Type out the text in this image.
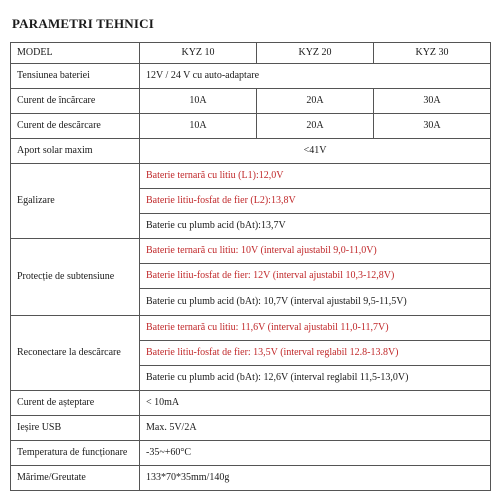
PARAMETRI TEHNICI
MODEL	KYZ 10	KYZ 20	KYZ 30
Tensiunea bateriei	12V / 24 V cu auto-adaptare		
Curent de încărcare	10A	20A	30A
Curent de descărcare	10A	20A	30A
Aport solar maxim	<41V		
Egalizare	Baterie ternară cu litiu (L1):12,0V		
	Baterie litiu-fosfat de fier (L2):13,8V		
	Baterie cu plumb acid (bAt):13,7V		
Protecție de subtensiune	Baterie ternară cu litiu: 10V (interval ajustabil 9,0-11,0V)		
	Baterie litiu-fosfat de fier: 12V (interval ajustabil 10,3-12,8V)		
	Baterie cu plumb acid (bAt): 10,7V (interval ajustabil 9,5-11,5V)		
Reconectare la descărcare	Baterie ternară cu litiu: 11,6V (interval ajustabil 11,0-11,7V)		
	Baterie litiu-fosfat de fier: 13,5V (interval reglabil 12.8-13.8V)		
	Baterie cu plumb acid (bAt): 12,6V (interval reglabil 11,5-13,0V)		
Curent de așteptare	< 10mA		
Ieșire USB	Max. 5V/2A		
Temperatura de funcționare	-35~+60°C		
Mărime/Greutate	133*70*35mm/140g		
